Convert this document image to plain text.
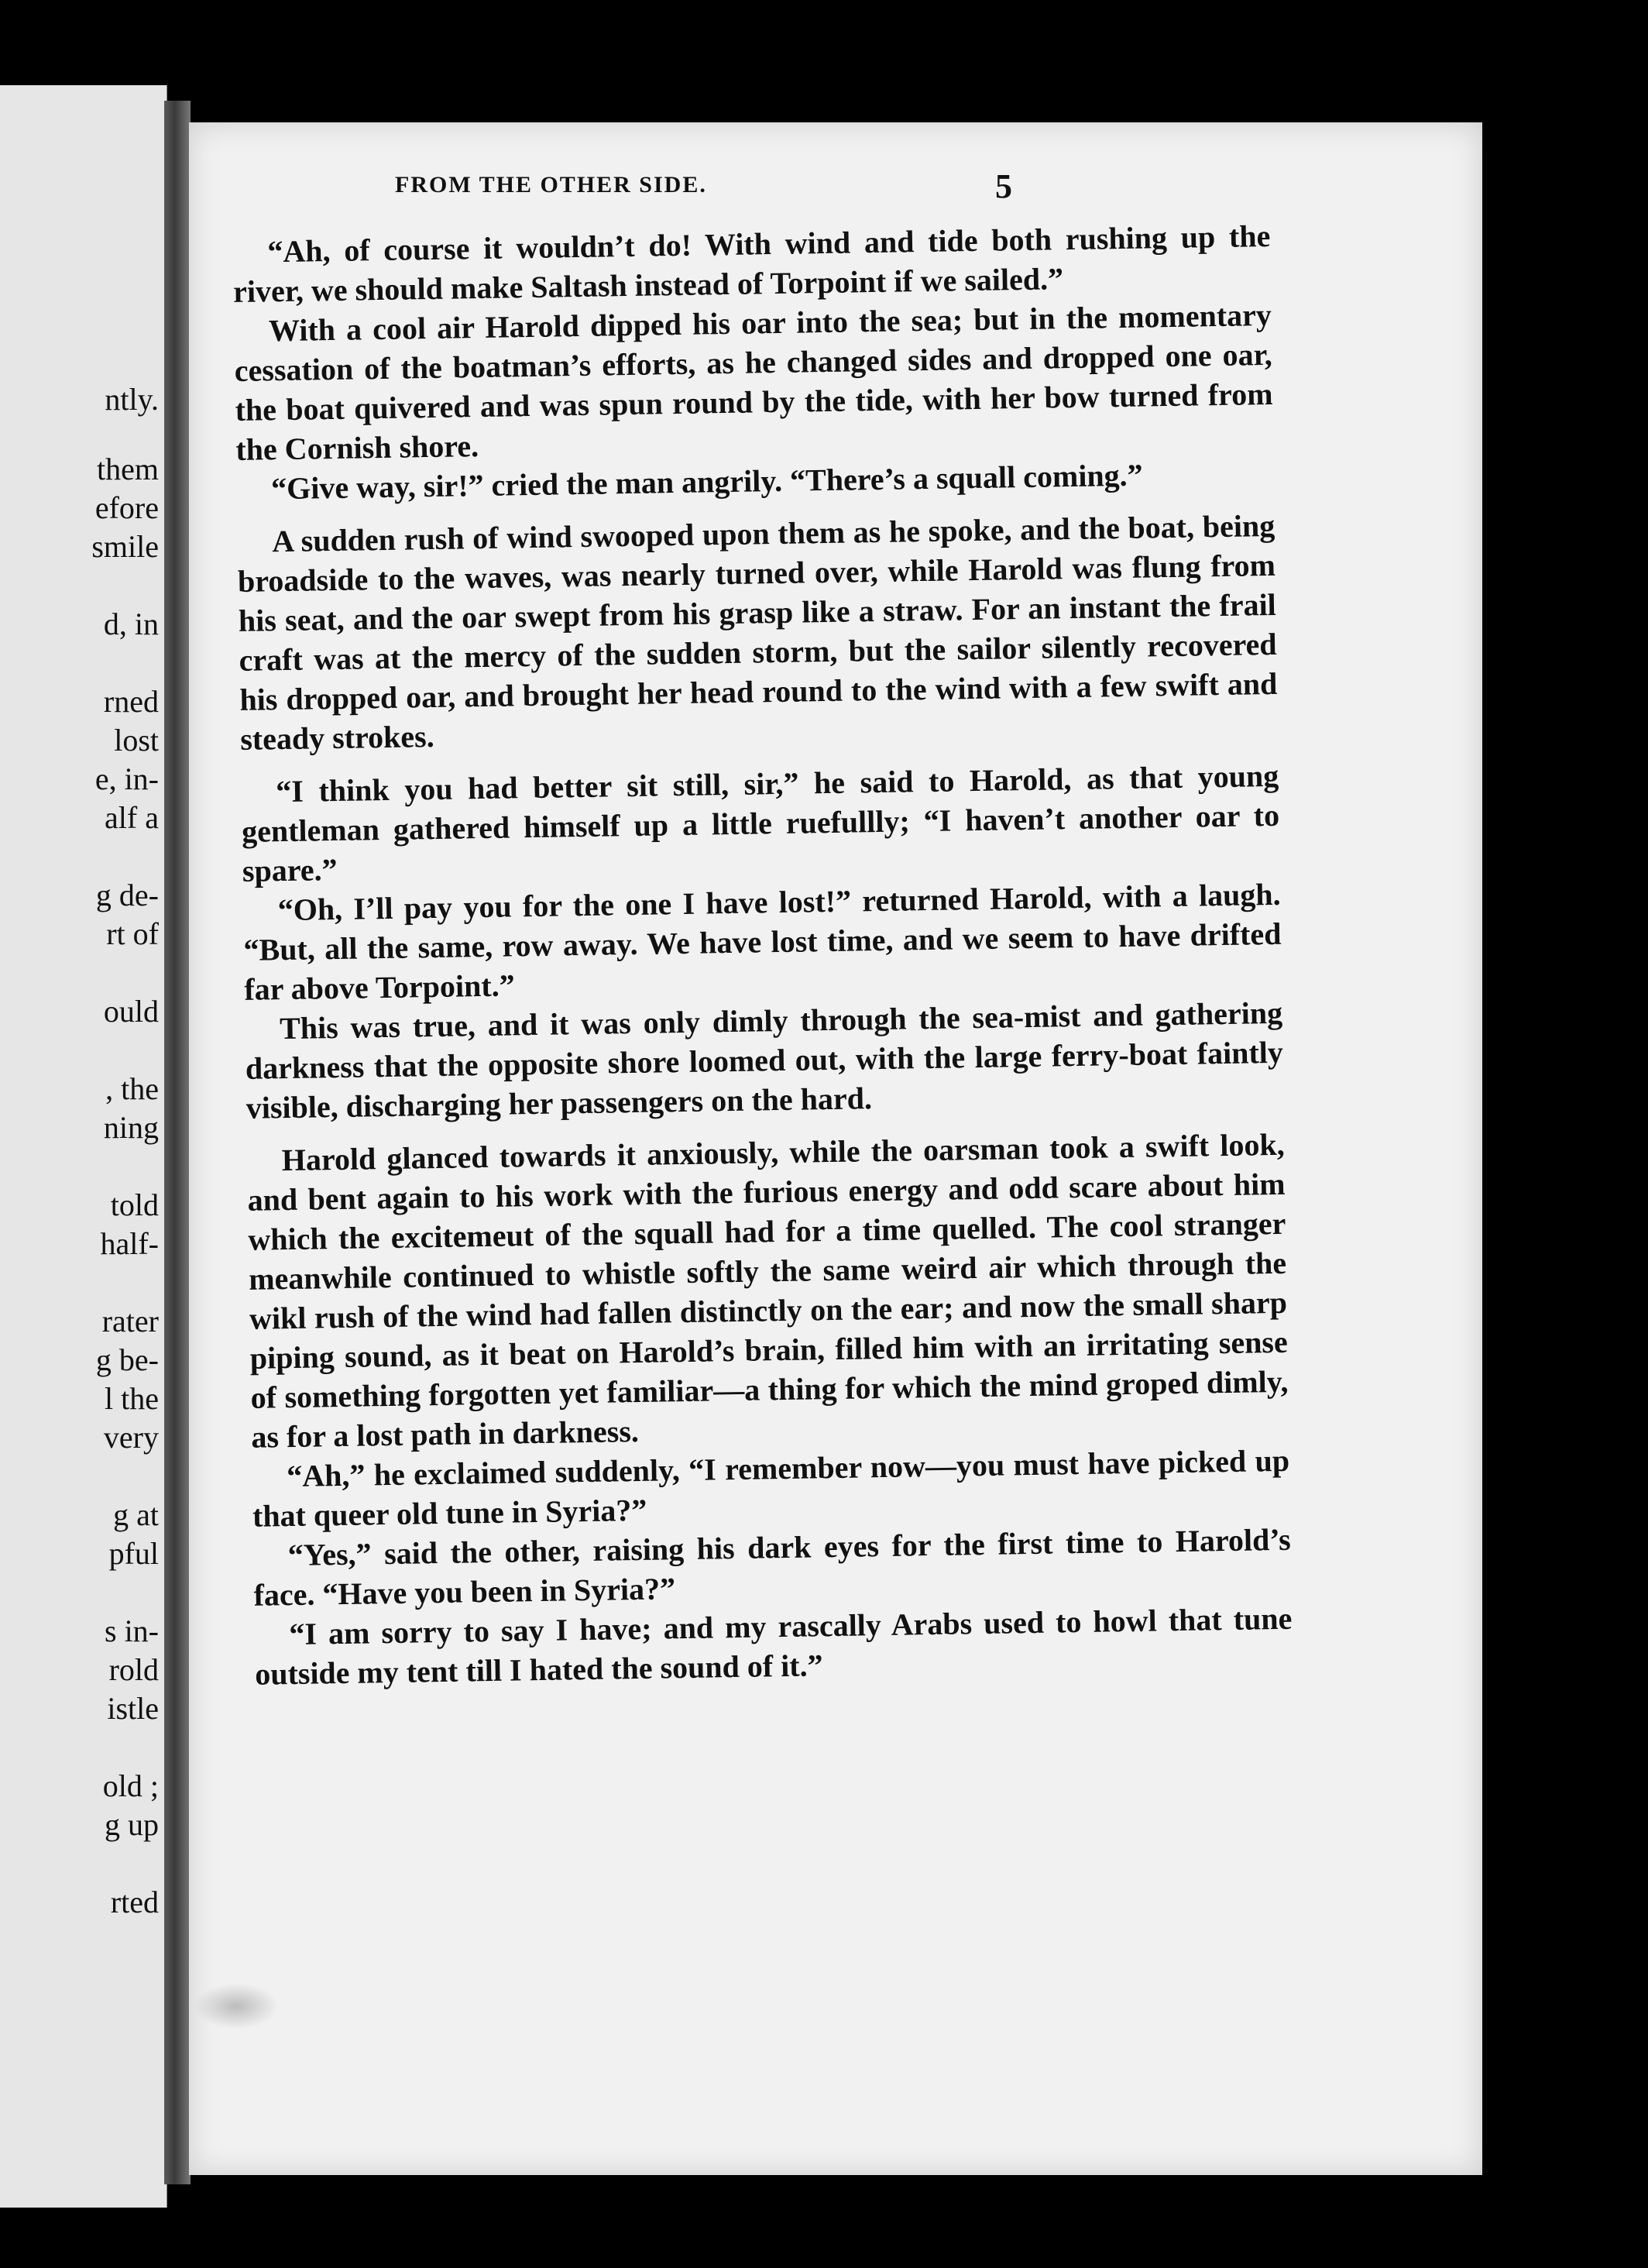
ntly.
them
efore
smile
d, in
rned
lost
e, in-
alf a
g de-
rt of
ould
, the
ning
told
half-
rater
g be-
l the
very
g at
pful
s in-
rold
istle
old ;
g up
rted
FROM THE OTHER SIDE.	5

“Ah, of course it wouldn’t do! With wind and tide both rushing up the river, we should make Saltash instead of Torpoint if we sailed.”

With a cool air Harold dipped his oar into the sea; but in the momentary cessation of the boatman’s efforts, as he changed sides and dropped one oar, the boat quivered and was spun round by the tide, with her bow turned from the Cornish shore.

“Give way, sir!” cried the man angrily. “There’s a squall coming.”

A sudden rush of wind swooped upon them as he spoke, and the boat, being broadside to the waves, was nearly turned over, while Harold was flung from his seat, and the oar swept from his grasp like a straw. For an instant the frail craft was at the mercy of the sudden storm, but the sailor silently recovered his dropped oar, and brought her head round to the wind with a few swift and steady strokes.

“I think you had better sit still, sir,” he said to Harold, as that young gentleman gathered himself up a little ruefullly; “I haven’t another oar to spare.”

“Oh, I’ll pay you for the one I have lost!” returned Harold, with a laugh. “But, all the same, row away. We have lost time, and we seem to have drifted far above Torpoint.”

This was true, and it was only dimly through the sea-mist and gathering darkness that the opposite shore loomed out, with the large ferry-boat faintly visible, discharging her passengers on the hard.

Harold glanced towards it anxiously, while the oarsman took a swift look, and bent again to his work with the furious energy and odd scare about him which the excitemeut of the squall had for a time quelled. The cool stranger meanwhile continued to whistle softly the same weird air which through the wikl rush of the wind had fallen distinctly on the ear; and now the small sharp piping sound, as it beat on Harold’s brain, filled him with an irritating sense of something forgotten yet familiar—a thing for which the mind groped dimly, as for a lost path in darkness.

“Ah,” he exclaimed suddenly, “I remember now—you must have picked up that queer old tune in Syria?”

“Yes,” said the other, raising his dark eyes for the first time to Harold’s face. “Have you been in Syria?”

“I am sorry to say I have; and my rascally Arabs used to howl that tune outside my tent till I hated the sound of it.”
